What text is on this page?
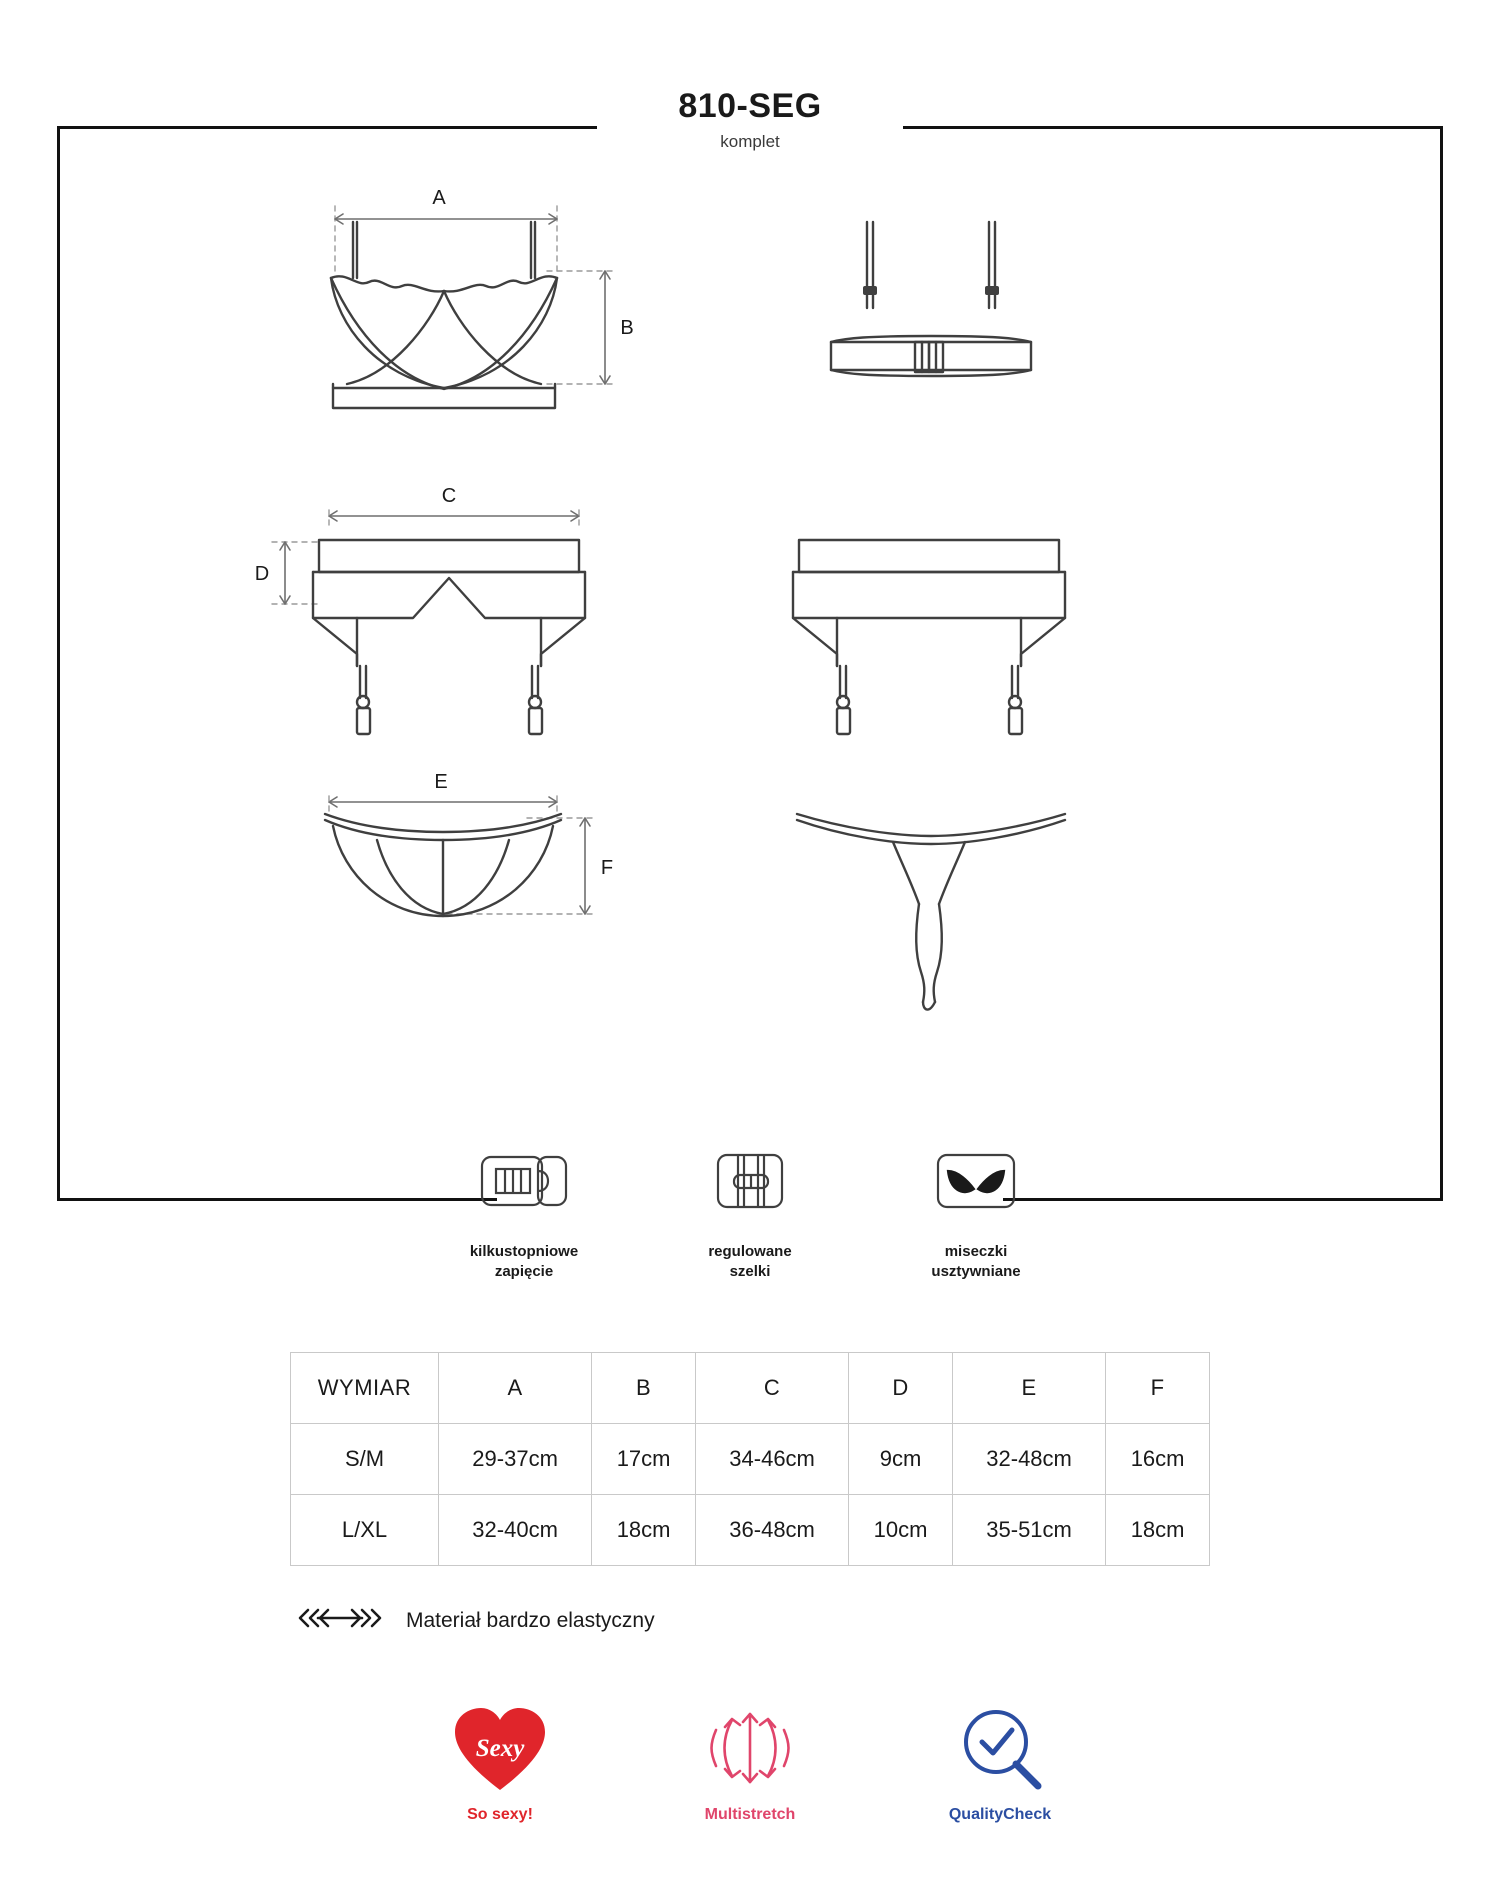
810-SEG
komplet
A
B
C
D
E
F
kilkustopniowe
zapięcie
regulowane
szelki
miseczki
usztywniane
WYMIAR	A	B	C	D	E	F
S/M	29-37cm	17cm	34-46cm	9cm	32-48cm	16cm
L/XL	32-40cm	18cm	36-48cm	10cm	35-51cm	18cm
Materiał bardzo elastyczny
Sexy
So sexy!	Multistretch	QualityCheck
